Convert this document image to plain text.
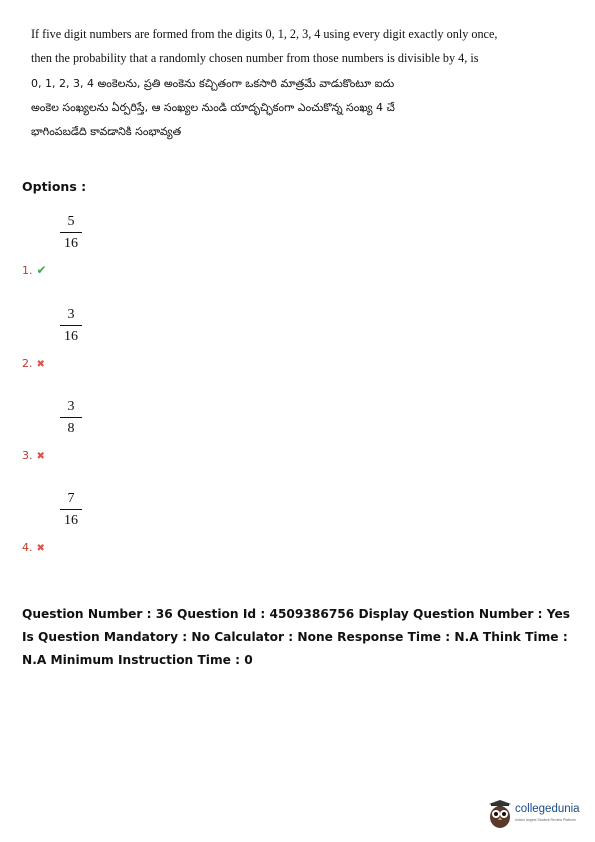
If five digit numbers are formed from the digits 0, 1, 2, 3, 4 using every digit exactly only once,
then the probability that a randomly chosen number from those numbers is divisible by 4, is
0, 1, 2, 3, 4 అంకెలను, ప్రతి అంకెను కచ్చితంగా ఒకసారి మాత్రమే వాడుకొంటూ ఐదు
అంకెల సంఖ్యలను ఏర్పరిస్తే, ఆ సంఖ్యల నుండి యాదృచ్ఛికంగా ఎంచుకొన్న సంఖ్య 4 చే
భాగింపబడేది కావడానికి సంభావ్యత
Options :
5
16
1. ✔
3
16
2. ✖
3
8
3. ✖
7
16
4. ✖
Question Number : 36 Question Id : 4509386756 Display Question Number : Yes Is Question Mandatory : No Calculator : None Response Time : N.A Think Time : N.A Minimum Instruction Time : 0
collegedunia
India's largest Student Review Platform
